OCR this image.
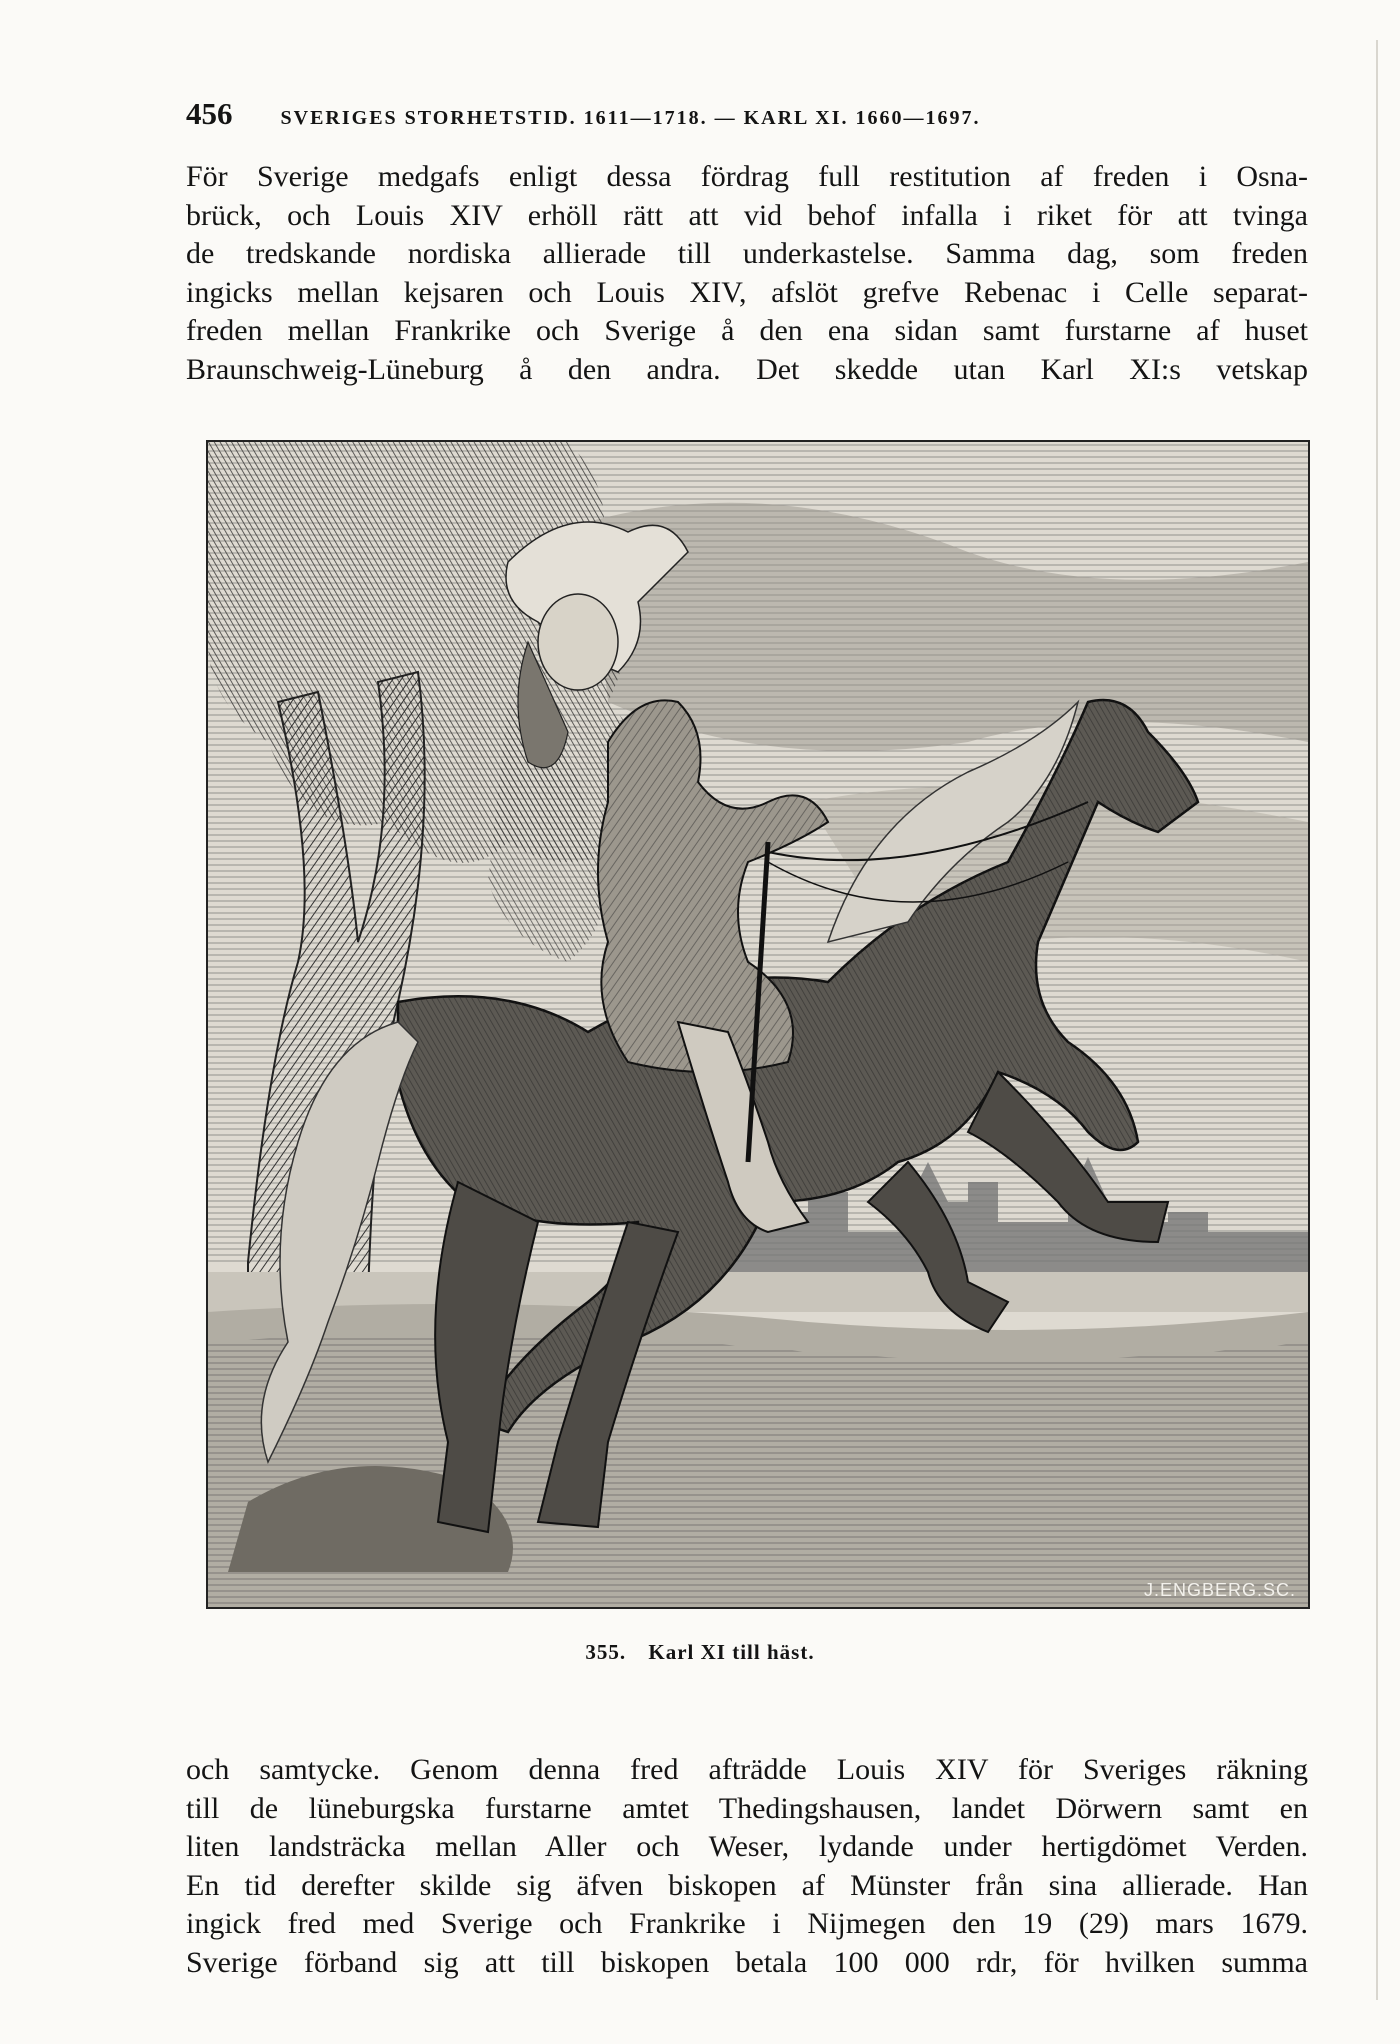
456 SVERIGES STORHETSTID. 1611—1718. — KARL XI. 1660—1697.

För Sverige medgafs enligt dessa fördrag full restitution af freden i Osna-
brück, och Louis XIV erhöll rätt att vid behof infalla i riket för att tvinga
de tredskande nordiska allierade till underkastelse. Samma dag, som freden
ingicks mellan kejsaren och Louis XIV, afslöt grefve Rebenac i Celle separat-
freden mellan Frankrike och Sverige å den ena sidan samt furstarne af huset
Braunschweig-Lüneburg å den andra. Det skedde utan Karl XI:s vetskap

J.ENGBERG.SC.
355. Karl XI till häst.

och samtycke. Genom denna fred afträdde Louis XIV för Sveriges räkning
till de lüneburgska furstarne amtet Thedingshausen, landet Dörwern samt en
liten landsträcka mellan Aller och Weser, lydande under hertigdömet Verden.
En tid derefter skilde sig äfven biskopen af Münster från sina allierade. Han
ingick fred med Sverige och Frankrike i Nijmegen den 19 (29) mars 1679.
Sverige förband sig att till biskopen betala 100 000 rdr, för hvilken summa
